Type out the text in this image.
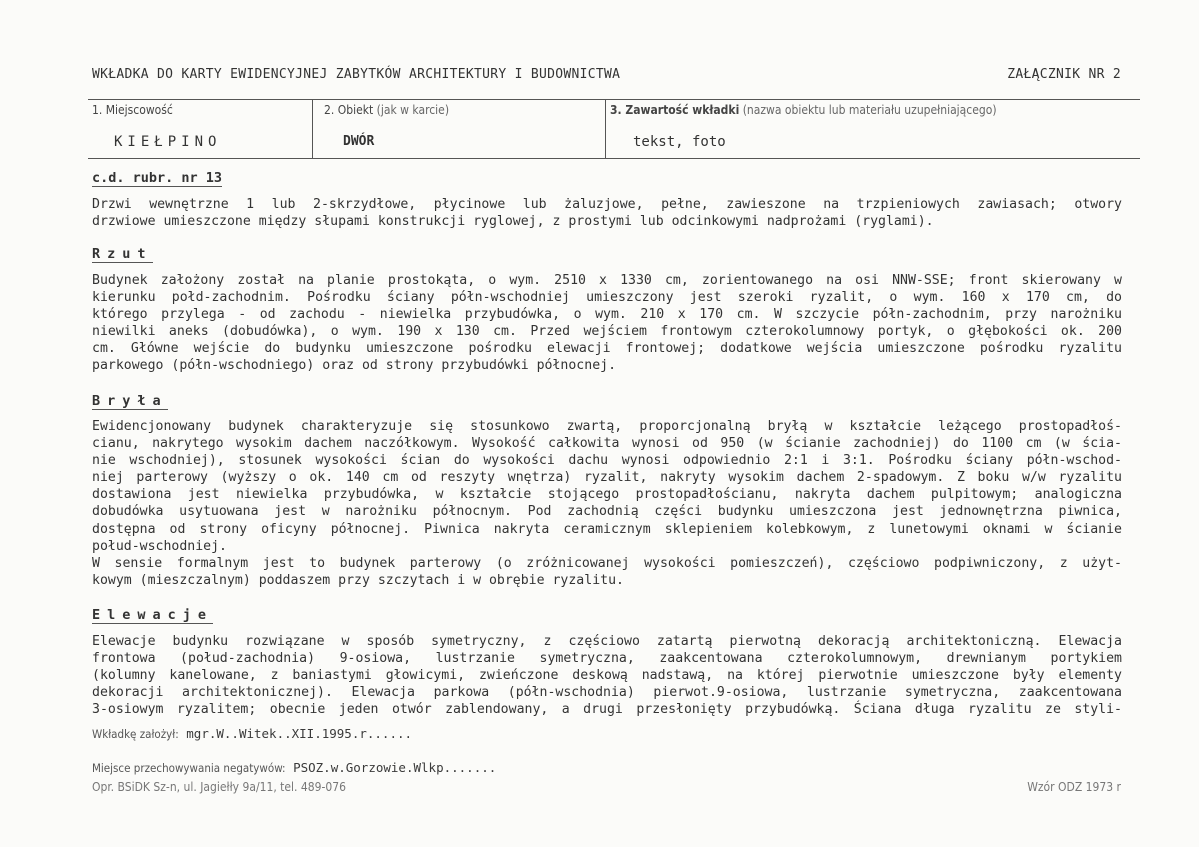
WKŁADKA DO KARTY EWIDENCYJNEJ ZABYTKÓW ARCHITEKTURY I BUDOWNICTWA	ZAŁĄCZNIK NR 2
1. Miejscowość
KIEŁPINO
2. Obiekt (jak w karcie)
DWÓR
3. Zawartość wkładki (nazwa obiektu lub materiału uzupełniającego)
tekst, foto
c.d. rubr. nr 13
Drzwi wewnętrzne 1 lub 2-skrzydłowe, płycinowe lub żaluzjowe, pełne, zawieszone na trzpieniowych zawiasach; otwory
drzwiowe umieszczone między słupami konstrukcji ryglowej, z prostymi lub odcinkowymi nadprożami (ryglami).
Rzut
Budynek założony został na planie prostokąta, o wym. 2510 x 1330 cm, zorientowanego na osi NNW-SSE; front skierowany w
kierunku połd-zachodnim. Pośrodku ściany półn-wschodniej umieszczony jest szeroki ryzalit, o wym. 160 x 170 cm, do
którego przylega - od zachodu - niewielka przybudówka, o wym. 210 x 170 cm. W szczycie półn-zachodnim, przy narożniku
niewilki aneks (dobudówka), o wym. 190 x 130 cm. Przed wejściem frontowym czterokolumnowy portyk, o głębokości ok. 200
cm. Główne wejście do budynku umieszczone pośrodku elewacji frontowej; dodatkowe wejścia umieszczone pośrodku ryzalitu
parkowego (półn-wschodniego) oraz od strony przybudówki północnej.
Bryła
Ewidencjonowany budynek charakteryzuje się stosunkowo zwartą, proporcjonalną bryłą w kształcie leżącego prostopadłoś-
cianu, nakrytego wysokim dachem naczółkowym. Wysokość całkowita wynosi od 950 (w ścianie zachodniej) do 1100 cm (w ścia-
nie wschodniej), stosunek wysokości ścian do wysokości dachu wynosi odpowiednio 2:1 i 3:1. Pośrodku ściany półn-wschod-
niej parterowy (wyższy o ok. 140 cm od reszyty wnętrza) ryzalit, nakryty wysokim dachem 2-spadowym. Z boku w/w ryzalitu
dostawiona jest niewielka przybudówka, w kształcie stojącego prostopadłościanu, nakryta dachem pulpitowym; analogiczna
dobudówka usytuowana jest w narożniku północnym. Pod zachodnią części budynku umieszczona jest jednownętrzna piwnica,
dostępna od strony oficyny północnej. Piwnica nakryta ceramicznym sklepieniem kolebkowym, z lunetowymi oknami w ścianie
połud-wschodniej.
W sensie formalnym jest to budynek parterowy (o zróżnicowanej wysokości pomieszczeń), częściowo podpiwniczony, z użyt-
kowym (mieszczalnym) poddaszem przy szczytach i w obrębie ryzalitu.
Elewacje
Elewacje budynku rozwiązane w sposób symetryczny, z częściowo zatartą pierwotną dekoracją architektoniczną. Elewacja
frontowa (połud-zachodnia) 9-osiowa, lustrzanie symetryczna, zaakcentowana czterokolumnowym, drewnianym portykiem
(kolumny kanelowane, z baniastymi głowicymi, zwieńczone deskową nadstawą, na której pierwotnie umieszczone były elementy
dekoracji architektonicznej). Elewacja parkowa (półn-wschodnia) pierwot.9-osiowa, lustrzanie symetryczna, zaakcentowana
3-osiowym ryzalitem; obecnie jeden otwór zablendowany, a drugi przesłonięty przybudówką. Ściana długa ryzalitu ze styli-
Wkładkę założył: mgr.W..Witek..XII.1995.r......
Miejsce przechowywania negatywów: PSOZ.w.Gorzowie.Wlkp.......
Opr. BSiDK Sz-n, ul. Jagiełły 9a/11, tel. 489-076	Wzór ODZ 1973 r
